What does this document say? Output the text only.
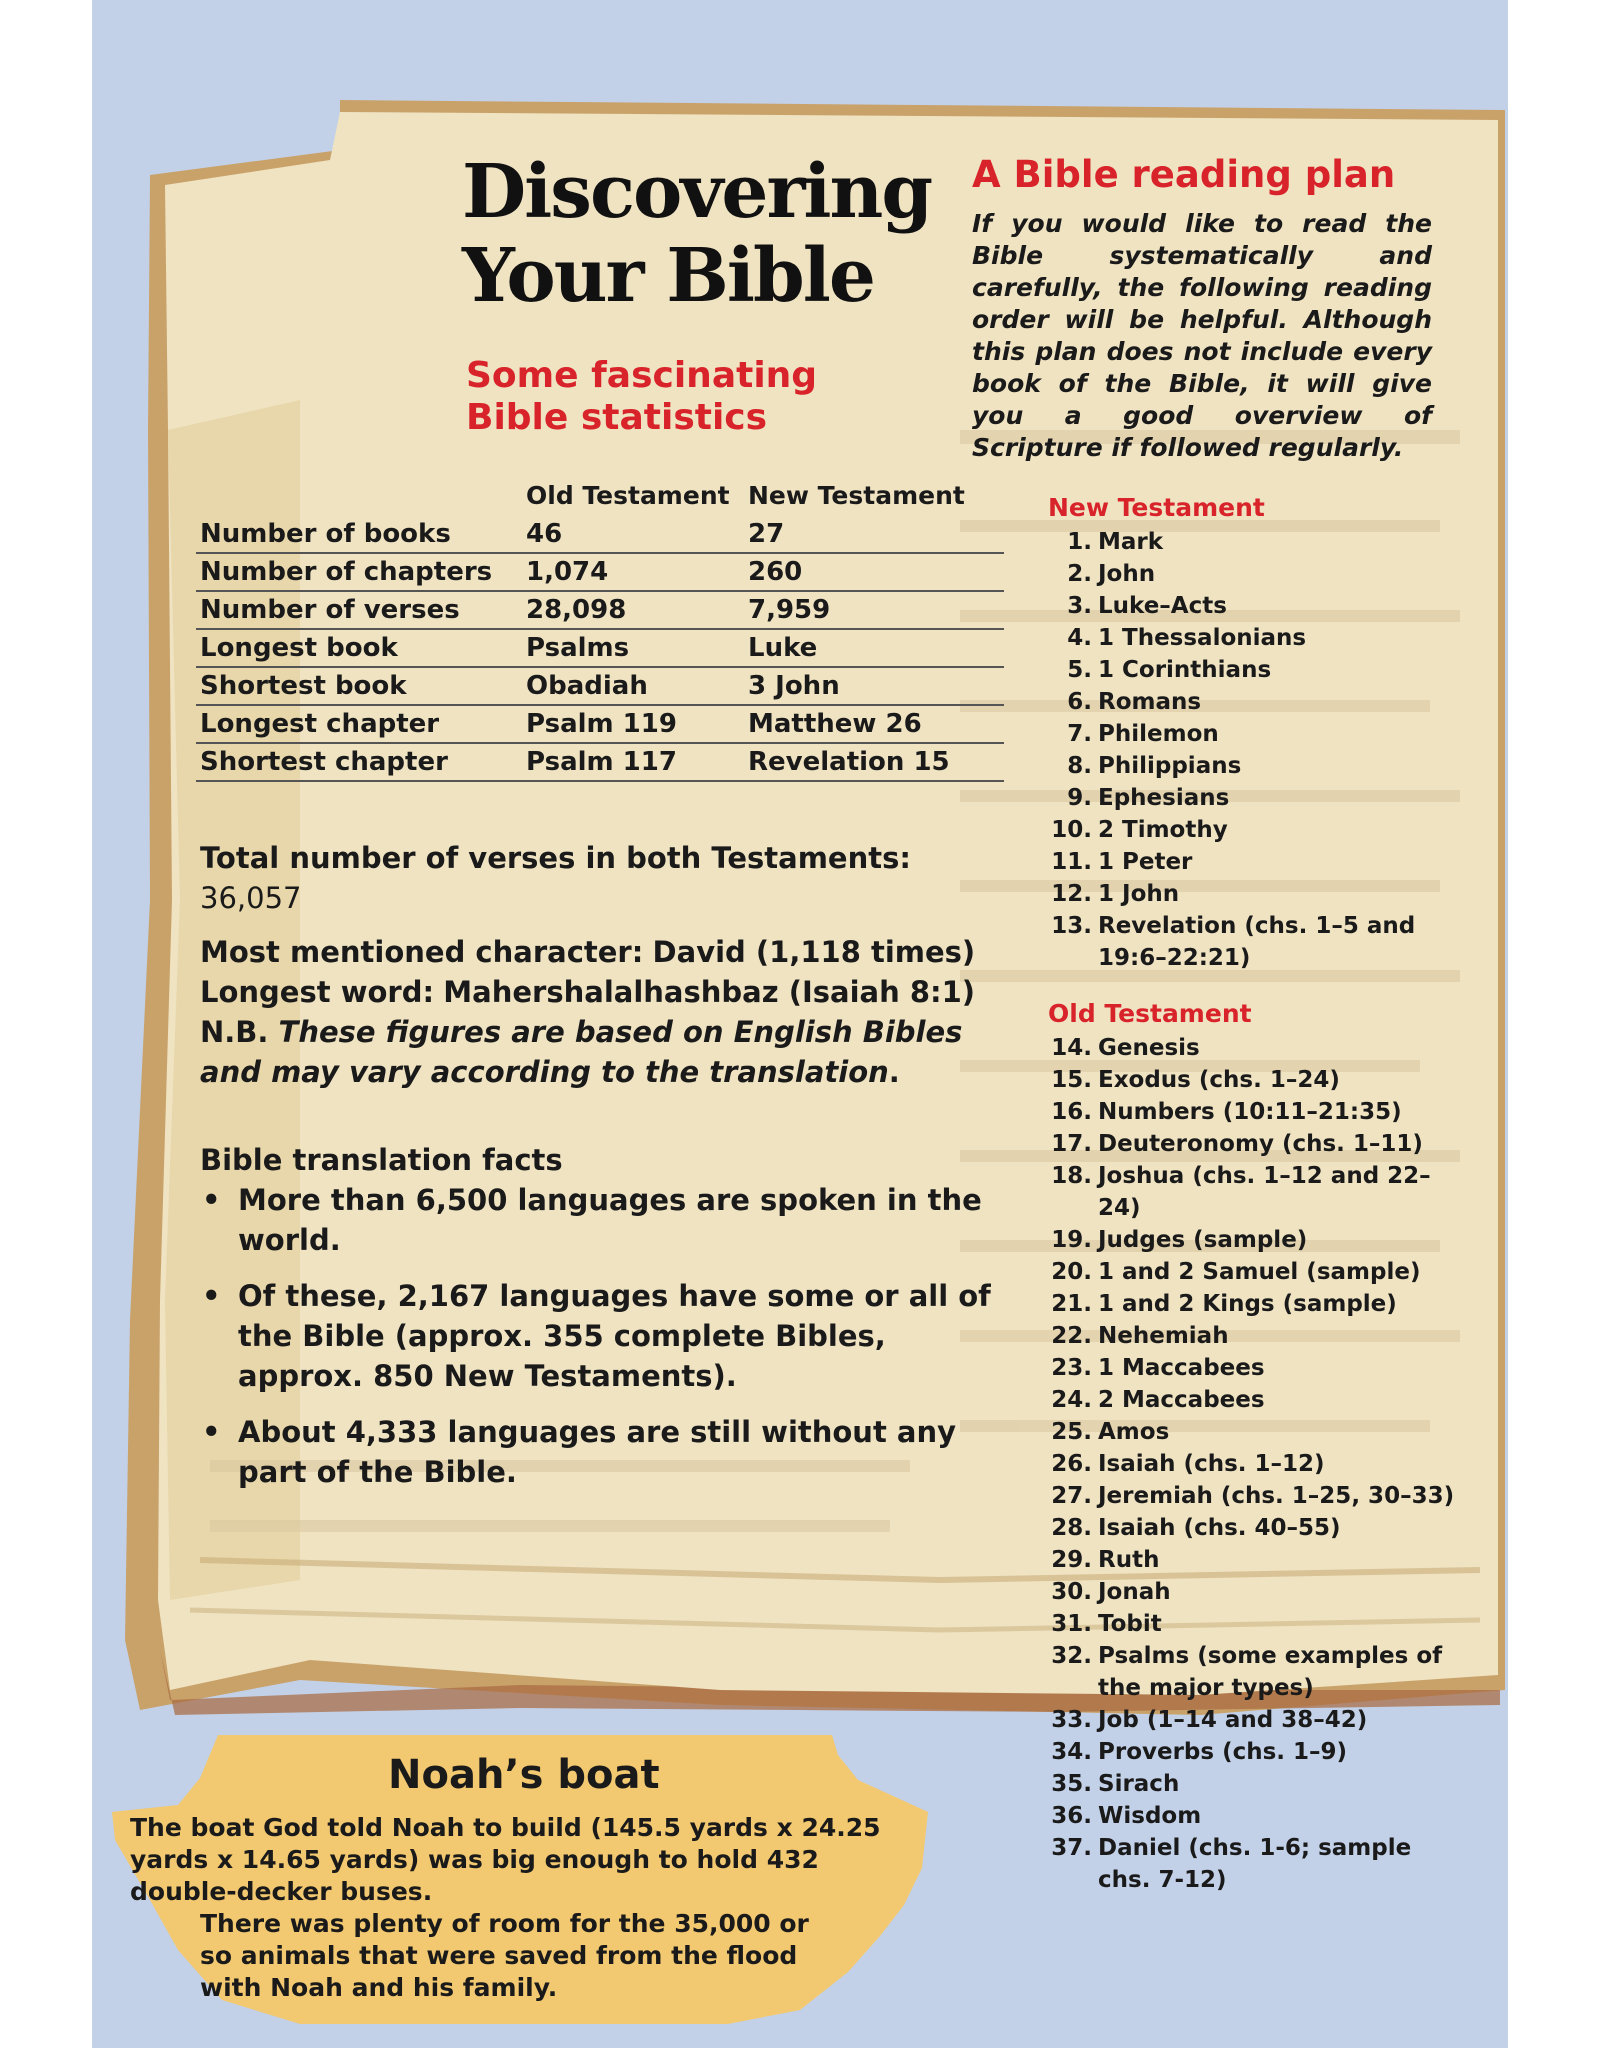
Discovering
Your Bible
Some fascinating
Bible statistics
A Bible reading plan
If you would like to read the Bible systematically and carefully, the following reading order will be helpful. Although this plan does not include every book of the Bible, it will give you a good overview of Scripture if followed regularly.
	Old Testament	New Testament
Number of books	46	27
Number of chapters	1,074	260
Number of verses	28,098	7,959
Longest book	Psalms	Luke
Shortest book	Obadiah	3 John
Longest chapter	Psalm 119	Matthew 26
Shortest chapter	Psalm 117	Revelation 15
Total number of verses in both Testaments:
36,057
Most mentioned character: David (1,118 times)
Longest word: Mahershalalhashbaz (Isaiah 8:1)
N.B. These figures are based on English Bibles and may vary according to the translation.
Bible translation facts
• More than 6,500 languages are spoken in the world.
• Of these, 2,167 languages have some or all of the Bible (approx. 355 complete Bibles, approx. 850 New Testaments).
• About 4,333 languages are still without any part of the Bible.
New Testament
1. Mark
2. John
3. Luke–Acts
4. 1 Thessalonians
5. 1 Corinthians
6. Romans
7. Philemon
8. Philippians
9. Ephesians
10. 2 Timothy
11. 1 Peter
12. 1 John
13. Revelation (chs. 1–5 and 19:6–22:21)
Old Testament
14. Genesis
15. Exodus (chs. 1–24)
16. Numbers (10:11–21:35)
17. Deuteronomy (chs. 1–11)
18. Joshua (chs. 1–12 and 22–24)
19. Judges (sample)
20. 1 and 2 Samuel (sample)
21. 1 and 2 Kings (sample)
22. Nehemiah
23. 1 Maccabees
24. 2 Maccabees
25. Amos
26. Isaiah (chs. 1–12)
27. Jeremiah (chs. 1–25, 30–33)
28. Isaiah (chs. 40–55)
29. Ruth
30. Jonah
31. Tobit
32. Psalms (some examples of the major types)
33. Job (1–14 and 38–42)
34. Proverbs (chs. 1–9)
35. Sirach
36. Wisdom
37. Daniel (chs. 1-6; sample chs. 7-12)
Noah’s boat

The boat God told Noah to build (145.5 yards x 24.25 yards x 14.65 yards) was big enough to hold 432 double-decker buses.

There was plenty of room for the 35,000 or so animals that were saved from the flood with Noah and his family.
